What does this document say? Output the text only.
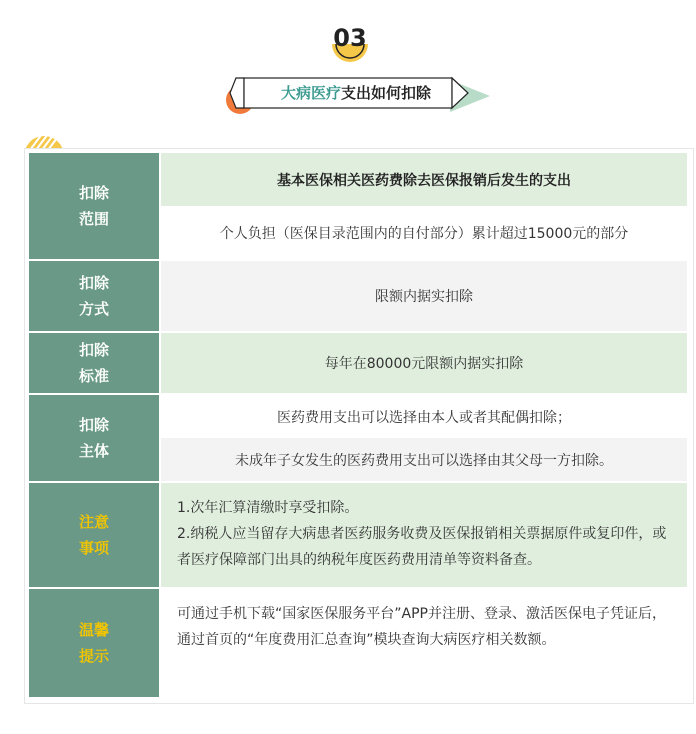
03
大病医疗支出如何扣除
扣除
范围
基本医保相关医药费除去医保报销后发生的支出
个人负担（医保目录范围内的自付部分）累计超过15000元的部分
扣除
方式
限额内据实扣除
扣除
标准
每年在80000元限额内据实扣除
扣除
主体
医药费用支出可以选择由本人或者其配偶扣除；
未成年子女发生的医药费用支出可以选择由其父母一方扣除。
注意
事项

1.次年汇算清缴时享受扣除。

2.纳税人应当留存大病患者医药服务收费及医保报销相关票据原件或复印件，或者医疗保障部门出具的纳税年度医药费用清单等资料备查。

温馨
提示

可通过手机下载“国家医保服务平台”APP并注册、登录、激活医保电子凭证后，通过首页的“年度费用汇总查询”模块查询大病医疗相关数额。
